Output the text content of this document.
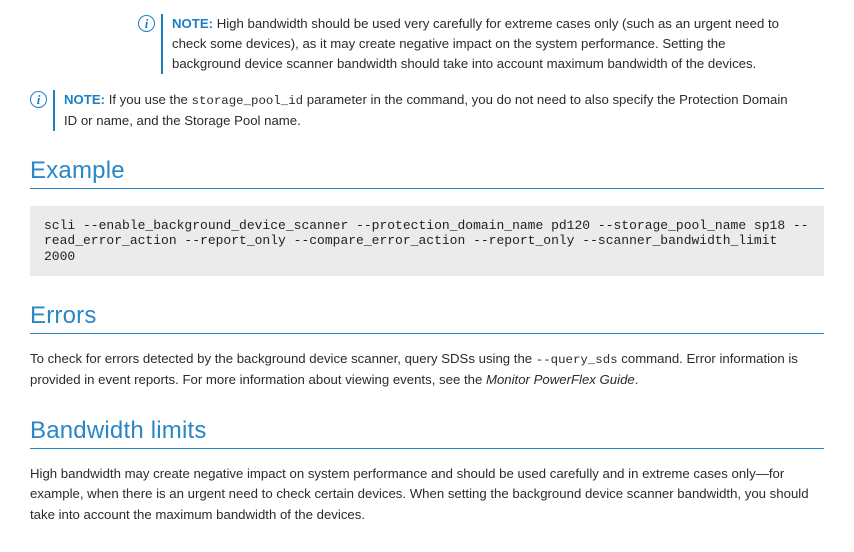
i	NOTE: High bandwidth should be used very carefully for extreme cases only (such as an urgent need to check some devices), as it may create negative impact on the system performance. Setting the background device scanner bandwidth should take into account maximum bandwidth of the devices.
i	NOTE: If you use the storage_pool_id parameter in the command, you do not need to also specify the Protection Domain ID or name, and the Storage Pool name.
Example
scli --enable_background_device_scanner --protection_domain_name pd120 --storage_pool_name sp18 --read_error_action --report_only --compare_error_action --report_only --scanner_bandwidth_limit 2000
Errors

To check for errors detected by the background device scanner, query SDSs using the --query_sds command. Error information is provided in event reports. For more information about viewing events, see the Monitor PowerFlex Guide.

Bandwidth limits

High bandwidth may create negative impact on system performance and should be used carefully and in extreme cases only—for example, when there is an urgent need to check certain devices. When setting the background device scanner bandwidth, you should take into account the maximum bandwidth of the devices.
